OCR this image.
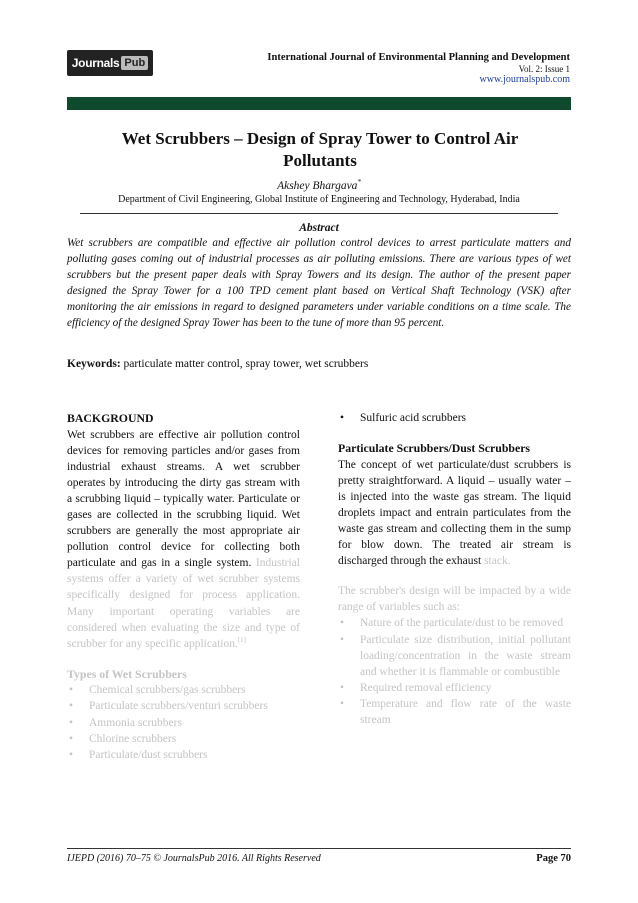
Journals Pub	International Journal of Environmental Planning and Development
Vol. 2: Issue 1
www.journalspub.com
Wet Scrubbers – Design of Spray Tower to Control Air Pollutants
Akshey Bhargava*
Department of Civil Engineering, Global Institute of Engineering and Technology, Hyderabad, India
Abstract
Wet scrubbers are compatible and effective air pollution control devices to arrest particulate matters and polluting gases coming out of industrial processes as air polluting emissions. There are various types of wet scrubbers but the present paper deals with Spray Towers and its design. The author of the present paper designed the Spray Tower for a 100 TPD cement plant based on Vertical Shaft Technology (VSK) after monitoring the air emissions in regard to designed parameters under variable conditions on a time scale. The efficiency of the designed Spray Tower has been to the tune of more than 95 percent.
Keywords: particulate matter control, spray tower, wet scrubbers
BACKGROUND

Wet scrubbers are effective air pollution control devices for removing particles and/or gases from industrial exhaust streams. A wet scrubber operates by introducing the dirty gas stream with a scrubbing liquid – typically water. Particulate or gases are collected in the scrubbing liquid. Wet scrubbers are generally the most appropriate air pollution control device for collecting both particulate and gas in a single system. Industrial systems offer a variety of wet scrubber systems specifically designed for process application. Many important operating variables are considered when evaluating the size and type of scrubber for any specific application.[1]

Types of Wet Scrubbers
• Chemical scrubbers/gas scrubbers
• Particulate scrubbers/venturi scrubbers
• Ammonia scrubbers
• Chlorine scrubbers
• Particulate/dust scrubbers
• Sulfuric acid scrubbers
Particulate Scrubbers/Dust Scrubbers

The concept of wet particulate/dust scrubbers is pretty straightforward. A liquid – usually water – is injected into the waste gas stream. The liquid droplets impact and entrain particulates from the waste gas stream and collecting them in the sump for blow down. The treated air stream is discharged through the exhaust stack.

The scrubber's design will be impacted by a wide range of variables such as:

• Nature of the particulate/dust to be removed
• Particulate size distribution, initial pollutant loading/concentration in the waste stream and whether it is flammable or combustible
• Required removal efficiency
• Temperature and flow rate of the waste stream
IJEPD (2016) 70–75 © JournalsPub 2016. All Rights Reserved	Page 70
